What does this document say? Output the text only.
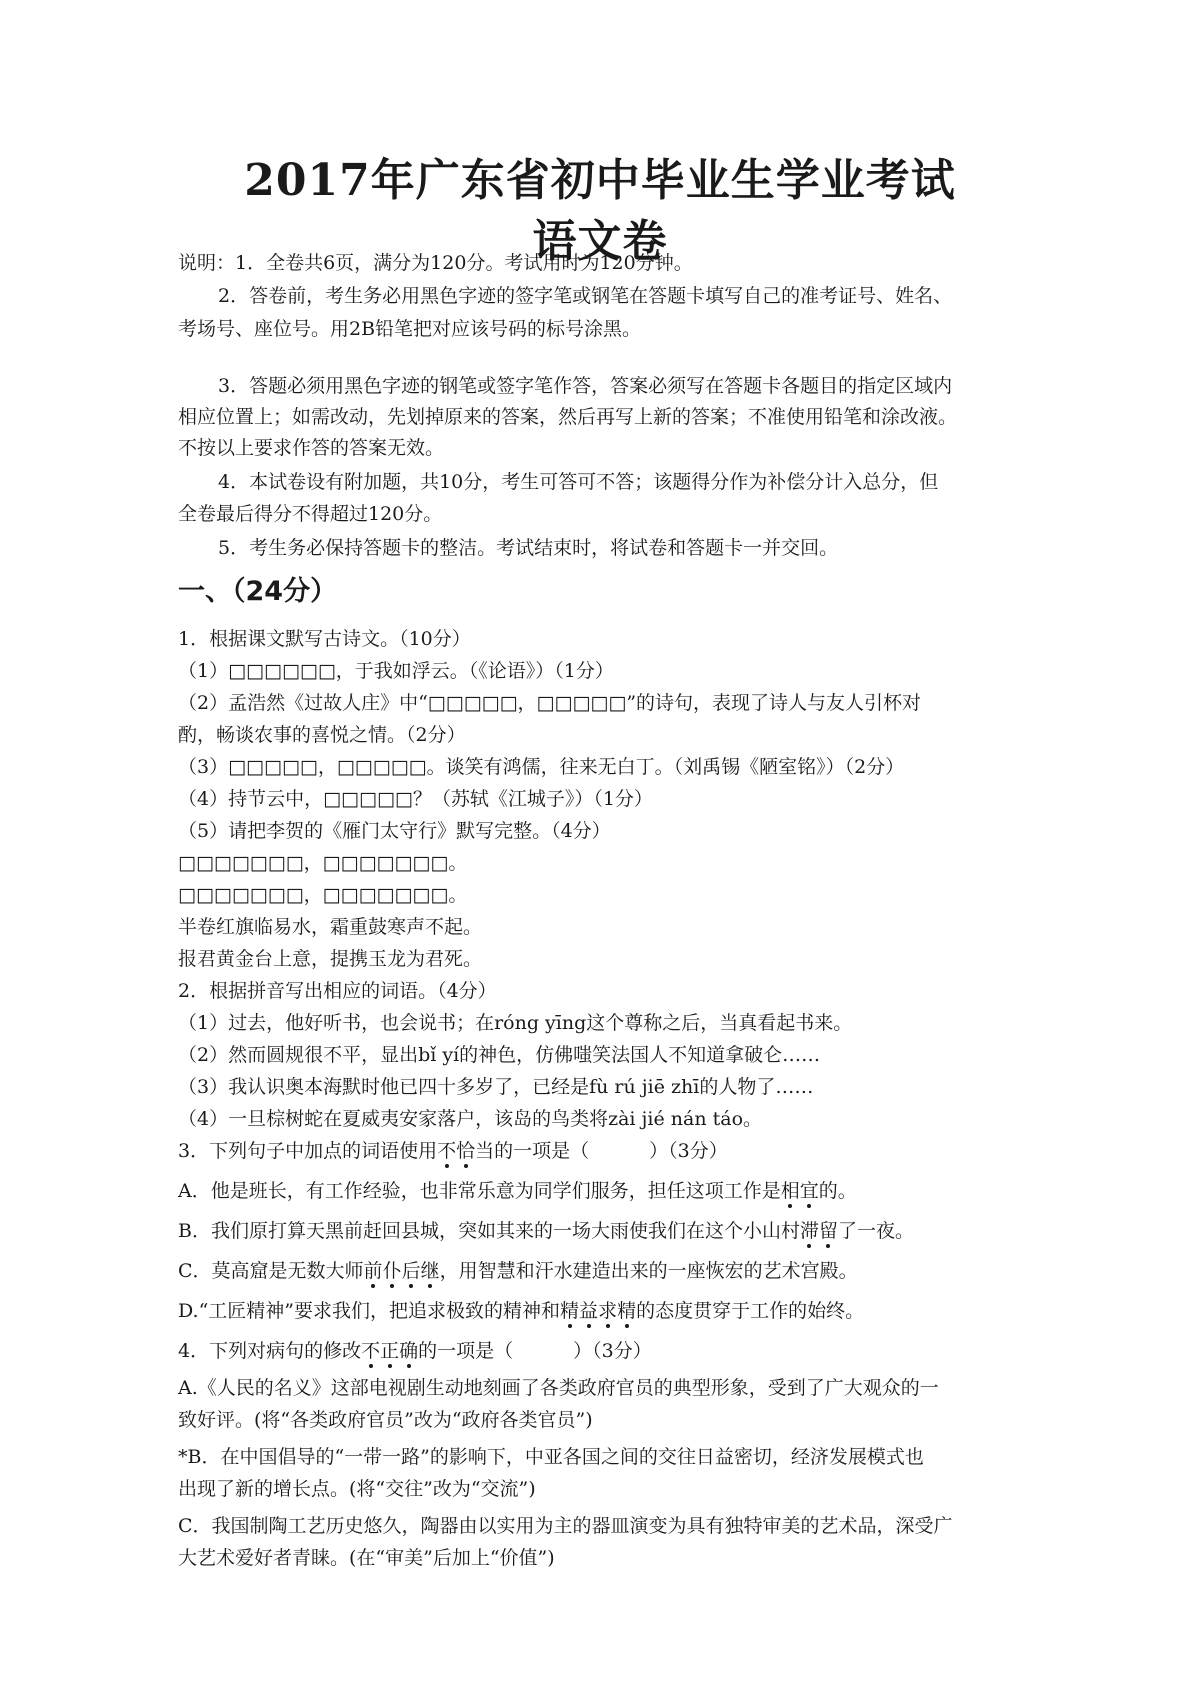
2017年广东省初中毕业生学业考试
语文卷
说明：1．全卷共6页，满分为120分。考试用时为120分钟。
2．答卷前，考生务必用黑色字迹的签字笔或钢笔在答题卡填写自己的准考证号、姓名、
考场号、座位号。用2B铅笔把对应该号码的标号涂黑。
3．答题必须用黑色字迹的钢笔或签字笔作答，答案必须写在答题卡各题目的指定区域内
相应位置上；如需改动，先划掉原来的答案，然后再写上新的答案；不准使用铅笔和涂改液。
不按以上要求作答的答案无效。
4．本试卷设有附加题，共10分，考生可答可不答；该题得分作为补偿分计入总分，但
全卷最后得分不得超过120分。
5．考生务必保持答题卡的整洁。考试结束时，将试卷和答题卡一并交回。
一、（24分）
1．根据课文默写古诗文。（10分）
（1）□□□□□□，于我如浮云。（《论语》）（1分）
（2）孟浩然《过故人庄》中“□□□□□，□□□□□”的诗句，表现了诗人与友人引杯对
酌，畅谈农事的喜悦之情。（2分）
（3）□□□□□，□□□□□。谈笑有鸿儒，往来无白丁。（刘禹锡《陋室铭》）（2分）
（4）持节云中，□□□□□？（苏轼《江城子》）（1分）
（5）请把李贺的《雁门太守行》默写完整。（4分）
□□□□□□□，□□□□□□□。
□□□□□□□，□□□□□□□。
半卷红旗临易水，霜重鼓寒声不起。
报君黄金台上意，提携玉龙为君死。
2．根据拼音写出相应的词语。（4分）
（1）过去，他好听书，也会说书；在róng yīng这个尊称之后，当真看起书来。
（2）然而圆规很不平，显出bǐ yí的神色，仿佛嗤笑法国人不知道拿破仑……
（3）我认识奥本海默时他已四十多岁了，已经是fù rú jiē zhī的人物了……
（4）一旦棕树蛇在夏威夷安家落户，该岛的鸟类将zài jié nán táo。
3．下列句子中加点的词语使用不恰当的一项是（	）（3分）
A．他是班长，有工作经验，也非常乐意为同学们服务，担任这项工作是相宜的。
B．我们原打算天黑前赶回县城，突如其来的一场大雨使我们在这个小山村滞留了一夜。
C．莫高窟是无数大师前仆后继，用智慧和汗水建造出来的一座恢宏的艺术宫殿。
D.“工匠精神”要求我们，把追求极致的精神和精益求精的态度贯穿于工作的始终。
4．下列对病句的修改不正确的一项是（	）（3分）
A.《人民的名义》这部电视剧生动地刻画了各类政府官员的典型形象，受到了广大观众的一
致好评。(将“各类政府官员”改为“政府各类官员”)
*B．在中国倡导的“一带一路”的影响下，中亚各国之间的交往日益密切，经济发展模式也
出现了新的增长点。(将“交往”改为“交流”)
C．我国制陶工艺历史悠久，陶器由以实用为主的器皿演变为具有独特审美的艺术品，深受广
大艺术爱好者青睐。(在“审美”后加上“价值”)
